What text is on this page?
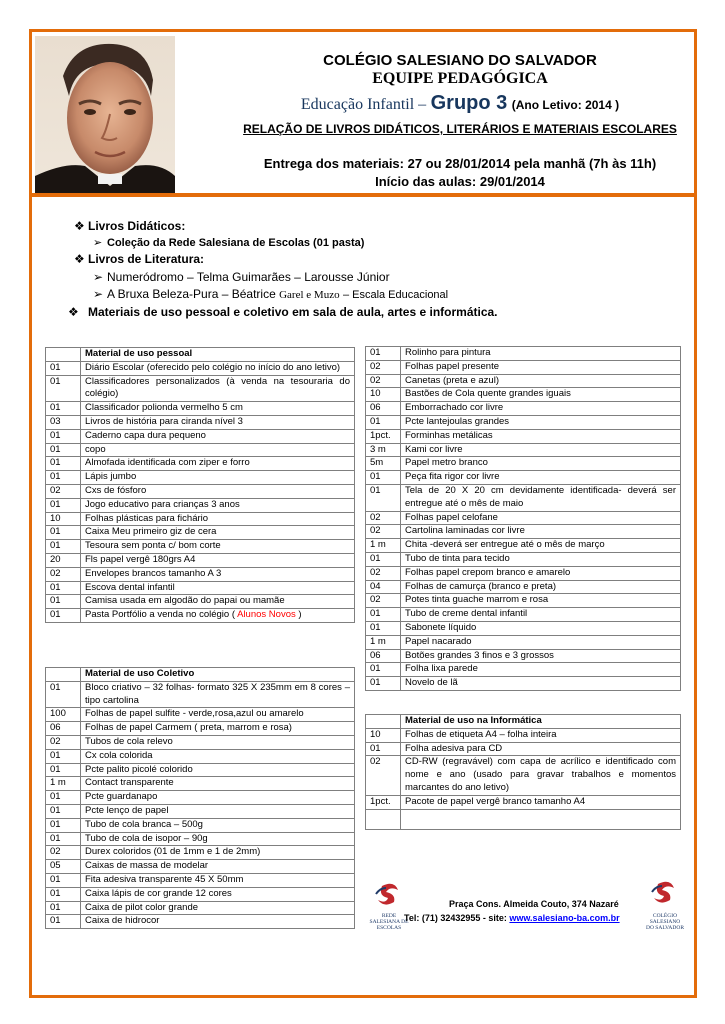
COLÉGIO SALESIANO DO SALVADOR
EQUIPE PEDAGÓGICA
Educação Infantil – Grupo 3 (Ano Letivo: 2014 )
RELAÇÃO DE LIVROS DIDÁTICOS, LITERÁRIOS E MATERIAIS ESCOLARES
Entrega dos materiais: 27 ou 28/01/2014 pela manhã (7h às 11h)
Início das aulas: 29/01/2014
❖ Livros Didáticos:
➢ Coleção da Rede Salesiana de Escolas (01 pasta)
❖ Livros de Literatura:
➢ Numeródromo – Telma Guimarães – Larousse Júnior
➢ A Bruxa Beleza-Pura – Béatrice Garel e Muzo – Escala Educacional
❖ Materiais de uso pessoal e coletivo em sala de aula, artes e informática.
	Material de uso pessoal
01	Diário Escolar (oferecido pelo colégio no início do ano letivo)
01	Classificadores personalizados (à venda na tesouraria do colégio)
01	Classificador polionda vermelho 5 cm
03	Livros de história para ciranda nível 3
01	Caderno capa dura pequeno
01	copo
01	Almofada identificada com ziper e forro
01	Lápis jumbo
02	Cxs de fósforo
01	Jogo educativo para crianças 3 anos
10	Folhas plásticas para fichário
01	Caixa Meu primeiro giz de cera
01	Tesoura sem ponta c/ bom corte
20	Fls papel vergê 180grs A4
02	Envelopes brancos tamanho A 3
01	Escova dental infantil
01	Camisa usada em algodão do papai ou mamãe
01	Pasta Portfólio a venda no colégio ( Alunos Novos )
	Material de uso Coletivo
01	Bloco criativo – 32 folhas- formato 325 X 235mm em 8 cores – tipo cartolina
100	Folhas de papel sulfite - verde,rosa,azul ou amarelo
06	Folhas de papel Carmem ( preta, marrom e rosa)
02	Tubos de cola relevo
01	Cx cola colorida
01	Pcte palito picolé colorido
1 m	Contact transparente
01	Pcte guardanapo
01	Pcte lenço de papel
01	Tubo de cola branca – 500g
01	Tubo de cola de isopor – 90g
02	Durex coloridos (01 de 1mm e 1 de 2mm)
05	Caixas de massa de modelar
01	Fita adesiva transparente 45 X 50mm
01	Caixa lápis de cor grande 12 cores
01	Caixa de pilot color grande
01	Caixa de hidrocor
01	Rolinho para pintura
02	Folhas papel presente
02	Canetas (preta e azul)
10	Bastões de Cola quente grandes iguais
06	Emborrachado cor livre
01	Pcte lantejoulas grandes
1pct.	Forminhas metálicas
3 m	Kami cor livre
5m	Papel metro branco
01	Peça fita rigor cor livre
01	Tela de 20 X 20 cm devidamente identificada- deverá ser entregue até o mês de maio
02	Folhas papel celofane
02	Cartolina laminadas cor livre
1 m	Chita -deverá ser entregue até o mês de março
01	Tubo de tinta para tecido
02	Folhas papel crepom branco e amarelo
04	Folhas de camurça (branco e preta)
02	Potes tinta guache marrom e rosa
01	Tubo de creme dental infantil
01	Sabonete líquido
1 m	Papel nacarado
06	Botões grandes 3 finos e 3 grossos
01	Folha lixa parede
01	Novelo de lã
	Material de uso na Informática
10	Folhas de etiqueta A4 – folha inteira
01	Folha adesiva para CD
02	CD-RW (regravável) com capa de acrílico e identificado com nome e ano (usado para gravar trabalhos e momentos marcantes do ano letivo)
1pct.	Pacote de papel vergê branco tamanho A4

REDE SALESIANA DE ESCOLAS
Praça Cons. Almeida Couto, 374 Nazaré
Tel: (71) 32432955 - site: www.salesiano-ba.com.br	COLÉGIO SALESIANO
DO SALVADOR
